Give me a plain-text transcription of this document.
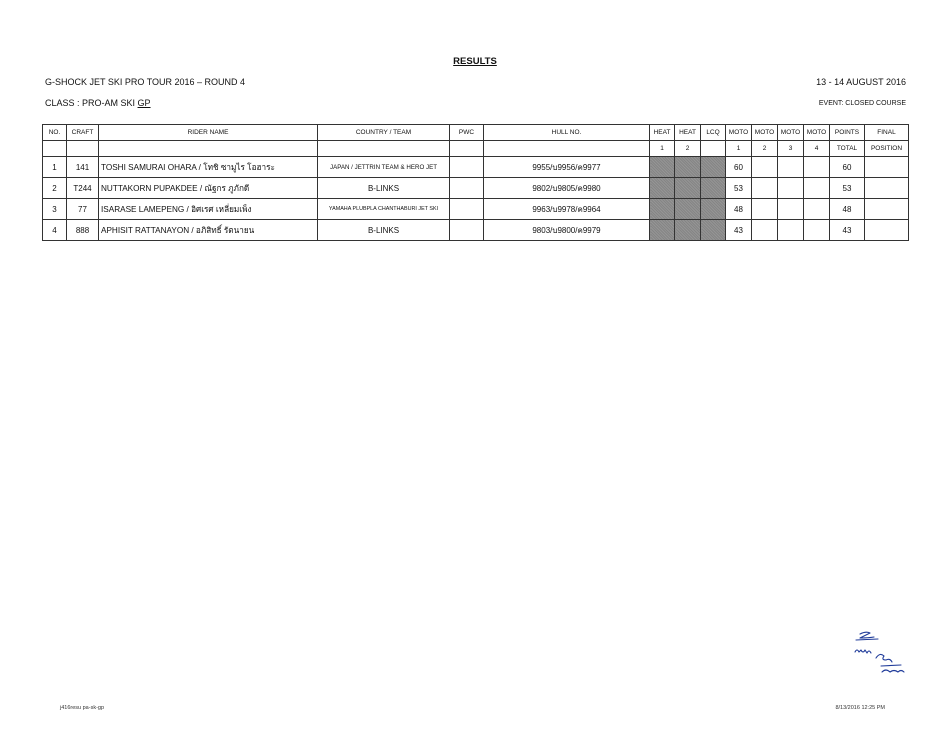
RESULTS
G-SHOCK JET SKI PRO TOUR 2016 – ROUND 4	13 - 14 AUGUST 2016
CLASS : PRO-AM SKI GP	EVENT: CLOSED COURSE
NO.	CRAFT	RIDER NAME	COUNTRY / TEAM	PWC	HULL NO.	HEAT	HEAT	LCQ	MOTO	MOTO	MOTO	MOTO	POINTS	FINAL
						1	2		1	2	3	4	TOTAL	POSITION
1	141	TOSHI SAMURAI OHARA / โทชิ ซามูไร โอฮาระ	JAPAN / JETTRIN TEAM & HERO JET		9955/บ9956/ค9977				60				60	
2	T244	NUTTAKORN PUPAKDEE / ณัฐกร ภูภักดี	B-LINKS		9802/บ9805/ค9980				53				53	
3	77	ISARASE LAMEPENG / อิศเรศ เหลี่ยมเพ็ง	YAMAHA PLUBPLA CHANTHABURI JET SKI		9963/บ9978/ค9964				48				48	
4	888	APHISIT RATTANAYON / อภิสิทธิ์ รัตนายน	B-LINKS		9803/บ9800/ค9979				43				43	
j416resu pa-sk-gp	8/13/2016 12:25 PM
